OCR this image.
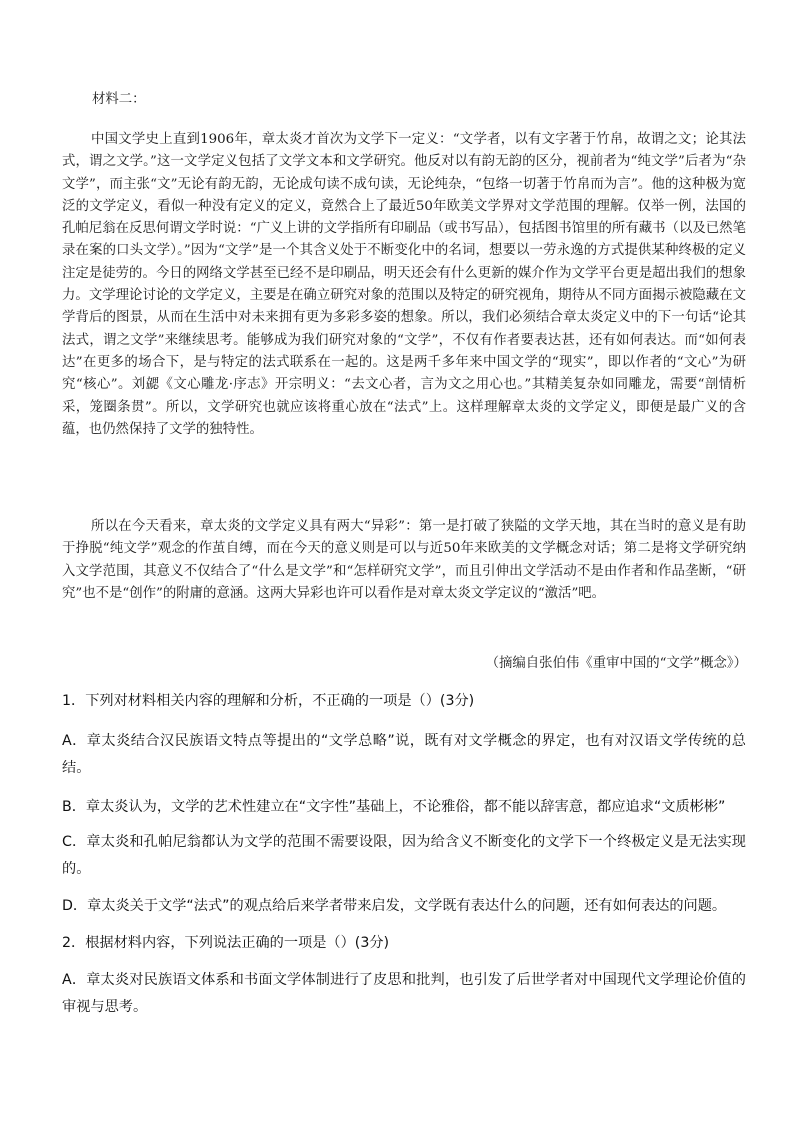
材料二：
中国文学史上直到1906年，章太炎才首次为文学下一定义：“文学者，以有文字著于竹帛，故谓之文；论其法式，谓之文学。”这一文学定义包括了文学文本和文学研究。他反对以有韵无韵的区分，视前者为“纯文学”后者为“杂文学”，而主张“文”无论有韵无韵，无论成句读不成句读，无论纯杂，“包络一切著于竹帛而为言”。他的这种极为宽泛的文学定义，看似一种没有定义的定义，竟然合上了最近50年欧美文学界对文学范围的理解。仅举一例，法国的孔帕尼翁在反思何谓文学时说：“广义上讲的文学指所有印刷品（或书写品），包括图书馆里的所有藏书（以及已然笔录在案的口头文学）。”因为“文学”是一个其含义处于不断变化中的名词，想要以一劳永逸的方式提供某种终极的定义注定是徒劳的。今日的网络文学甚至已经不是印刷品，明天还会有什么更新的媒介作为文学平台更是超出我们的想象力。文学理论讨论的文学定义，主要是在确立研究对象的范围以及特定的研究视角，期待从不同方面揭示被隐藏在文学背后的图景，从而在生活中对未来拥有更为多彩多姿的想象。所以，我们必须结合章太炎定义中的下一句话“论其法式，谓之文学”来继续思考。能够成为我们研究对象的“文学”，不仅有作者要表达甚，还有如何表达。而“如何表达”在更多的场合下，是与特定的法式联系在一起的。这是两千多年来中国文学的“现实”，即以作者的“文心”为研究“核心”。刘勰《文心雕龙·序志》开宗明义：“去文心者，言为文之用心也。”其精美复杂如同雕龙，需要“剖情析采，笼圈条贯”。所以，文学研究也就应该将重心放在“法式”上。这样理解章太炎的文学定义，即便是最广义的含蕴，也仍然保持了文学的独特性。
所以在今天看来，章太炎的文学定义具有两大“异彩”：第一是打破了狭隘的文学天地，其在当时的意义是有助于挣脱“纯文学”观念的作茧自缚，而在今天的意义则是可以与近50年来欧美的文学概念对话；第二是将文学研究纳入文学范围，其意义不仅结合了“什么是文学”和“怎样研究文学”，而且引伸出文学活动不是由作者和作品垄断，“研究”也不是“创作”的附庸的意涵。这两大异彩也许可以看作是对章太炎文学定议的“激活”吧。
（摘编自张伯伟《重审中国的“文学”概念》）
1．下列对材料相关内容的理解和分析，不正确的一项是（）(3分)
A．章太炎结合汉民族语文特点等提出的“文学总略”说，既有对文学概念的界定，也有对汉语文学传统的总结。
B．章太炎认为，文学的艺术性建立在“文字性”基础上，不论雅俗，都不能以辞害意，都应追求“文质彬彬”
C．章太炎和孔帕尼翁都认为文学的范围不需要设限，因为给含义不断变化的文学下一个终极定义是无法实现的。
D．章太炎关于文学“法式”的观点给后来学者带来启发，文学既有表达什么的问题，还有如何表达的问题。
2．根据材料内容，下列说法正确的一项是（）(3分)
A．章太炎对民族语文体系和书面文学体制进行了皮思和批判，也引发了后世学者对中国现代文学理论价值的审视与思考。
